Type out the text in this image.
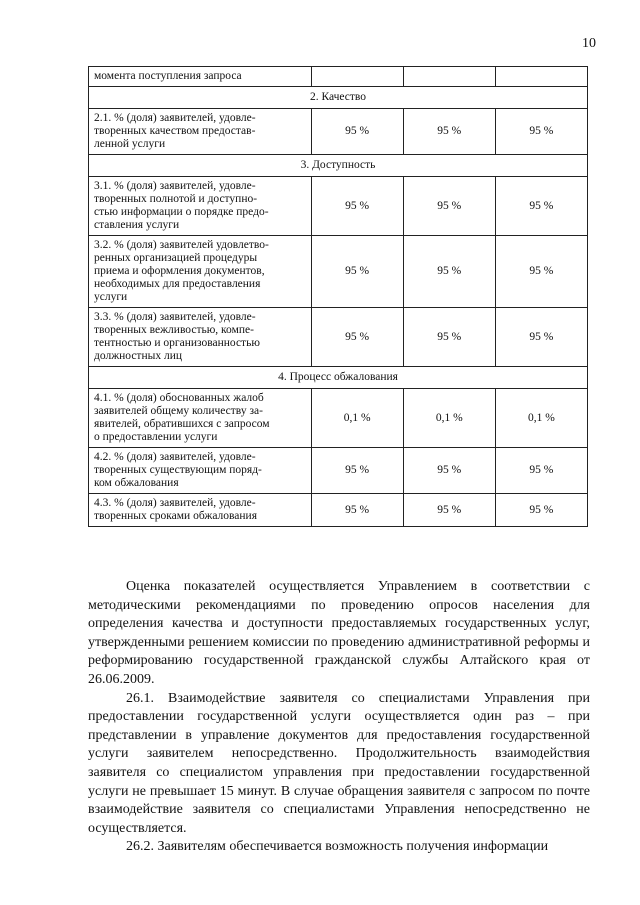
10
момента поступления запроса			

2. Качество			

2.1. % (доля) заявителей, удовле-
творенных качеством предостав-
ленной услуги	95 %	95 %	95 %
3. Доступность			

3.1. % (доля) заявителей, удовле-
творенных полнотой и доступно-
стью информации о порядке предо-
ставления услуги	95 %	95 %	95 %

3.2. % (доля) заявителей удовлетво-
ренных организацией процедуры
приема и оформления документов,
необходимых для предоставления
услуги	95 %	95 %	95 %

3.3. % (доля) заявителей, удовле-
творенных вежливостью, компе-
тентностью и организованностью
должностных лиц	95 %	95 %	95 %
4. Процесс обжалования			

4.1. % (доля) обоснованных жалоб
заявителей общему количеству за-
явителей, обратившихся с запросом
о предоставлении услуги	0,1 %	0,1 %	0,1 %

4.2. % (доля) заявителей, удовле-
творенных существующим поряд-
ком обжалования	95 %	95 %	95 %

4.3. % (доля) заявителей, удовле-
творенных сроками обжалования	95 %	95 %	95 %

Оценка показателей осуществляется Управлением в соответствии с методическими рекомендациями по проведению опросов населения для определения качества и доступности предоставляемых государственных услуг, утвержденными решением комиссии по проведению административной реформы и реформированию государственной гражданской службы Алтайского края от 26.06.2009.

26.1. Взаимодействие заявителя со специалистами Управления при предоставлении государственной услуги осуществляется один раз – при представлении в управление документов для предоставления государственной услуги заявителем непосредственно. Продолжительность взаимодействия заявителя со специалистом управления при предоставлении государственной услуги не превышает 15 минут. В случае обращения заявителя с запросом по почте взаимодействие заявителя со специалистами Управления непосредственно не осуществляется.

26.2. Заявителям обеспечивается возможность получения информации
